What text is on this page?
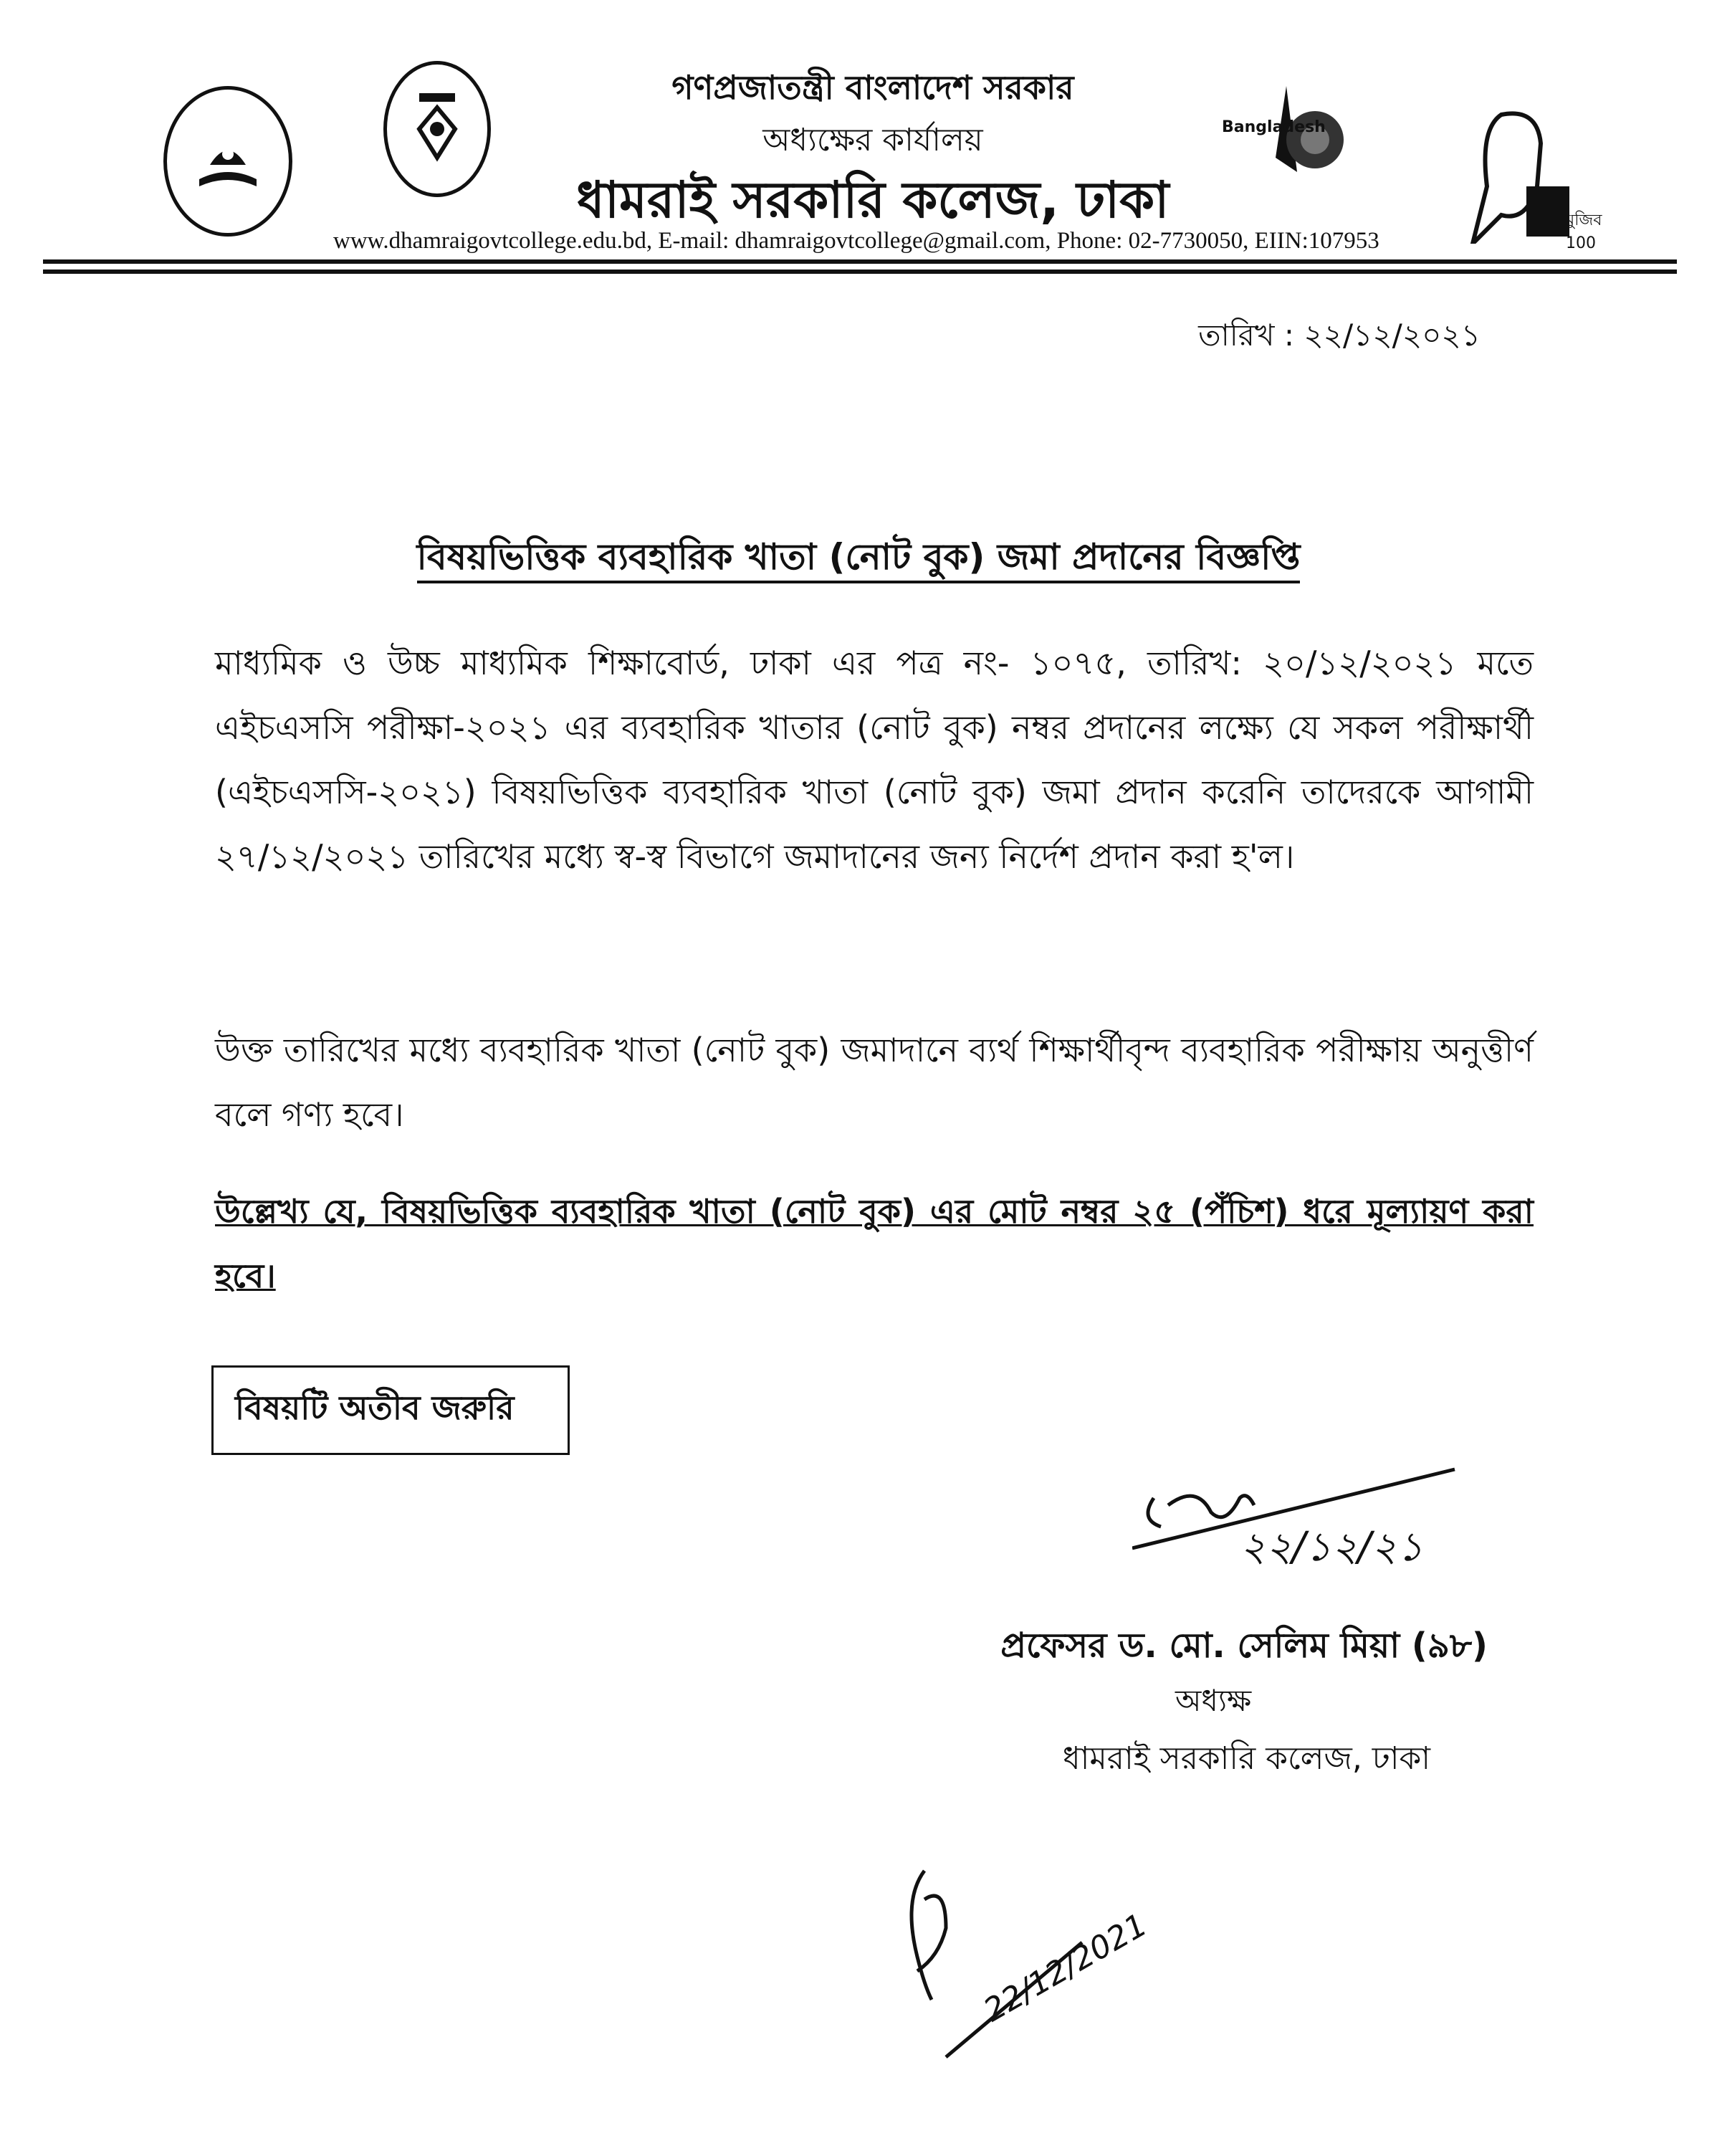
Bangladesh
মুজিব 100
গণপ্রজাতন্ত্রী বাংলাদেশ সরকার
অধ্যক্ষের কার্যালয়
ধামরাই সরকারি কলেজ, ঢাকা
www.dhamraigovtcollege.edu.bd, E-mail: dhamraigovtcollege@gmail.com, Phone: 02-7730050, EIIN:107953
তারিখ : ২২/১২/২০২১
বিষয়ভিত্তিক ব্যবহারিক খাতা (নোট বুক) জমা প্রদানের বিজ্ঞপ্তি
মাধ্যমিক ও উচ্চ মাধ্যমিক শিক্ষাবোর্ড, ঢাকা এর পত্র নং- ১০৭৫, তারিখ: ২০/১২/২০২১ মতে এইচএসসি পরীক্ষা-২০২১ এর ব্যবহারিক খাতার (নোট বুক) নম্বর প্রদানের লক্ষ্যে যে সকল পরীক্ষার্থী (এইচএসসি-২০২১) বিষয়ভিত্তিক ব্যবহারিক খাতা (নোট বুক) জমা প্রদান করেনি তাদেরকে আগামী ২৭/১২/২০২১ তারিখের মধ্যে স্ব-স্ব বিভাগে জমাদানের জন্য নির্দেশ প্রদান করা হ'ল।
উক্ত তারিখের মধ্যে ব্যবহারিক খাতা (নোট বুক) জমাদানে ব্যর্থ শিক্ষার্থীবৃন্দ ব্যবহারিক পরীক্ষায় অনুত্তীর্ণ বলে গণ্য হবে।
উল্লেখ্য যে, বিষয়ভিত্তিক ব্যবহারিক খাতা (নোট বুক) এর মোট নম্বর ২৫ (পঁচিশ) ধরে মূল্যায়ণ করা হবে।
বিষয়টি অতীব জরুরি
২২/১২/২১
প্রফেসর ড. মো. সেলিম মিয়া (৯৮)
অধ্যক্ষ
ধামরাই সরকারি কলেজ, ঢাকা
22/12/2021
